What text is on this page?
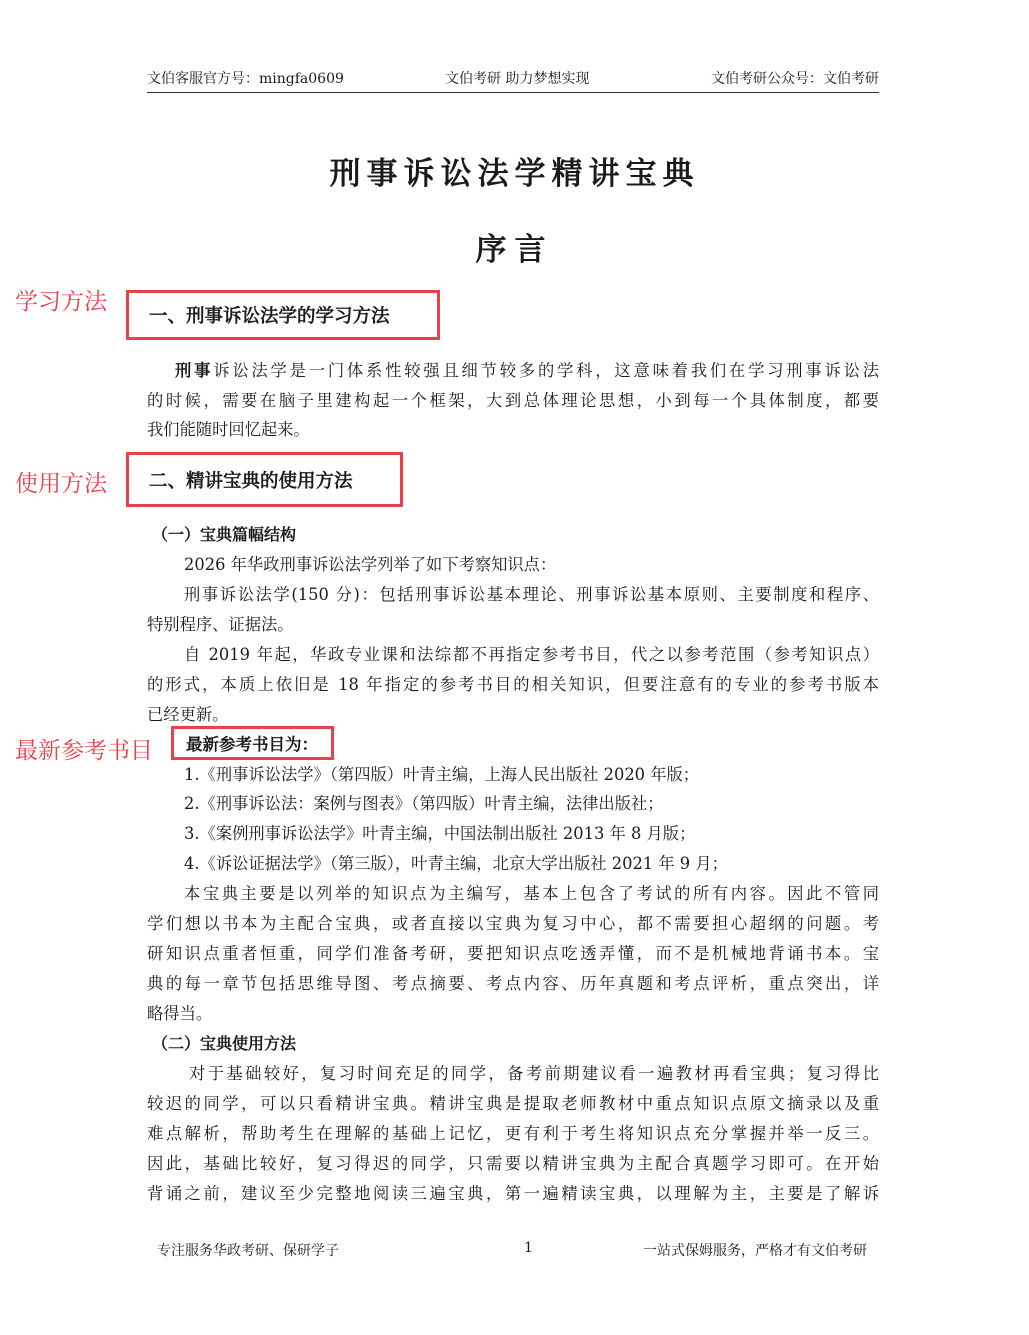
文伯客服官方号：mingfa0609	文伯考研 助力梦想实现	文伯考研公众号：文伯考研
刑事诉讼法学精讲宝典
序言
学习方法
使用方法
最新参考书目
一、刑事诉讼法学的学习方法
刑事诉讼法学是一门体系性较强且细节较多的学科，这意味着我们在学习刑事诉讼法
的时候，需要在脑子里建构起一个框架，大到总体理论思想，小到每一个具体制度，都要
我们能随时回忆起来。
二、精讲宝典的使用方法
（一）宝典篇幅结构
2026 年华政刑事诉讼法学列举了如下考察知识点：
刑事诉讼法学(150 分)：包括刑事诉讼基本理论、刑事诉讼基本原则、主要制度和程序、
特别程序、证据法。
自 2019 年起，华政专业课和法综都不再指定参考书目，代之以参考范围（参考知识点）
的形式，本质上依旧是 18 年指定的参考书目的相关知识，但要注意有的专业的参考书版本
已经更新。
最新参考书目为：
1.《刑事诉讼法学》（第四版）叶青主编，上海人民出版社 2020 年版；
2.《刑事诉讼法：案例与图表》（第四版）叶青主编，法律出版社；
3.《案例刑事诉讼法学》叶青主编，中国法制出版社 2013 年 8 月版；
4.《诉讼证据法学》（第三版），叶青主编，北京大学出版社 2021 年 9 月；
本宝典主要是以列举的知识点为主编写，基本上包含了考试的所有内容。因此不管同
学们想以书本为主配合宝典，或者直接以宝典为复习中心，都不需要担心超纲的问题。考
研知识点重者恒重，同学们准备考研，要把知识点吃透弄懂，而不是机械地背诵书本。宝
典的每一章节包括思维导图、考点摘要、考点内容、历年真题和考点评析，重点突出，详
略得当。
（二）宝典使用方法
对于基础较好，复习时间充足的同学，备考前期建议看一遍教材再看宝典；复习得比
较迟的同学，可以只看精讲宝典。精讲宝典是提取老师教材中重点知识点原文摘录以及重
难点解析，帮助考生在理解的基础上记忆，更有利于考生将知识点充分掌握并举一反三。
因此，基础比较好，复习得迟的同学，只需要以精讲宝典为主配合真题学习即可。在开始
背诵之前，建议至少完整地阅读三遍宝典，第一遍精读宝典，以理解为主，主要是了解诉
专注服务华政考研、保研学子	1	一站式保姆服务，严格才有文伯考研
